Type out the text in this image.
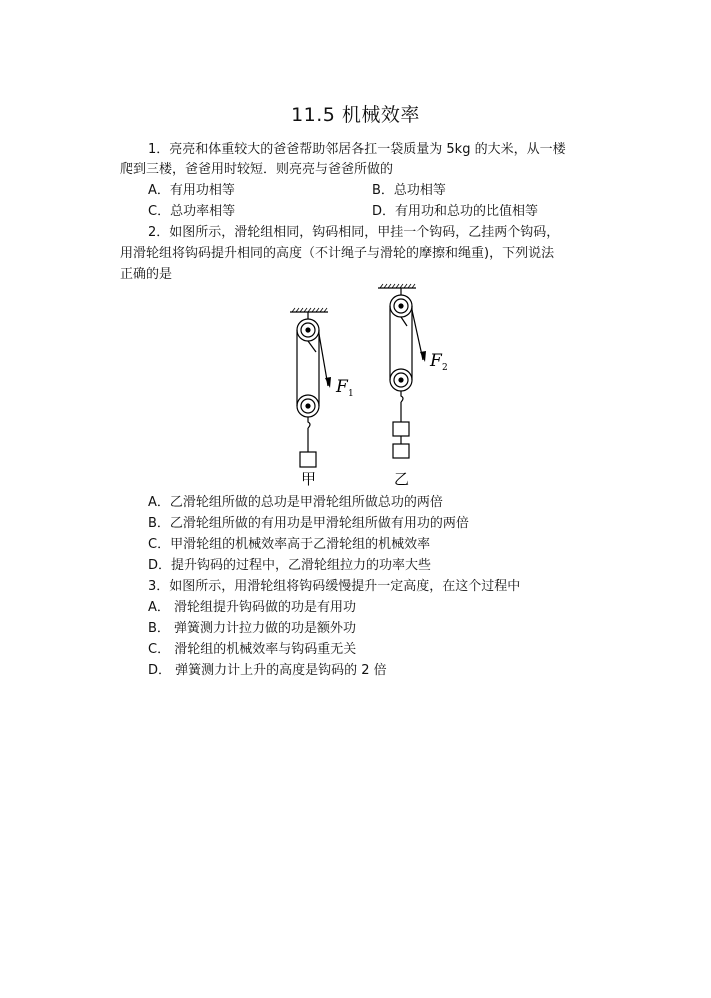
11.5 机械效率
1．亮亮和体重较大的爸爸帮助邻居各扛一袋质量为 5kg 的大米，从一楼
爬到三楼，爸爸用时较短．则亮亮与爸爸所做的
A．有用功相等	B．总功相等
C．总功率相等	D．有用功和总功的比值相等
2．如图所示，滑轮组相同，钩码相同，甲挂一个钩码，乙挂两个钩码，
用滑轮组将钩码提升相同的高度（不计绳子与滑轮的摩擦和绳重)，下列说法
正确的是
F 1
F 2
甲	乙
A．乙滑轮组所做的总功是甲滑轮组所做总功的两倍
B．乙滑轮组所做的有用功是甲滑轮组所做有用功的两倍
C．甲滑轮组的机械效率高于乙滑轮组的机械效率
D．提升钩码的过程中，乙滑轮组拉力的功率大些
3．如图所示，用滑轮组将钩码缓慢提升一定高度，在这个过程中
A． 滑轮组提升钩码做的功是有用功
B． 弹簧测力计拉力做的功是额外功
C． 滑轮组的机械效率与钩码重无关
D． 弹簧测力计上升的高度是钩码的 2 倍
